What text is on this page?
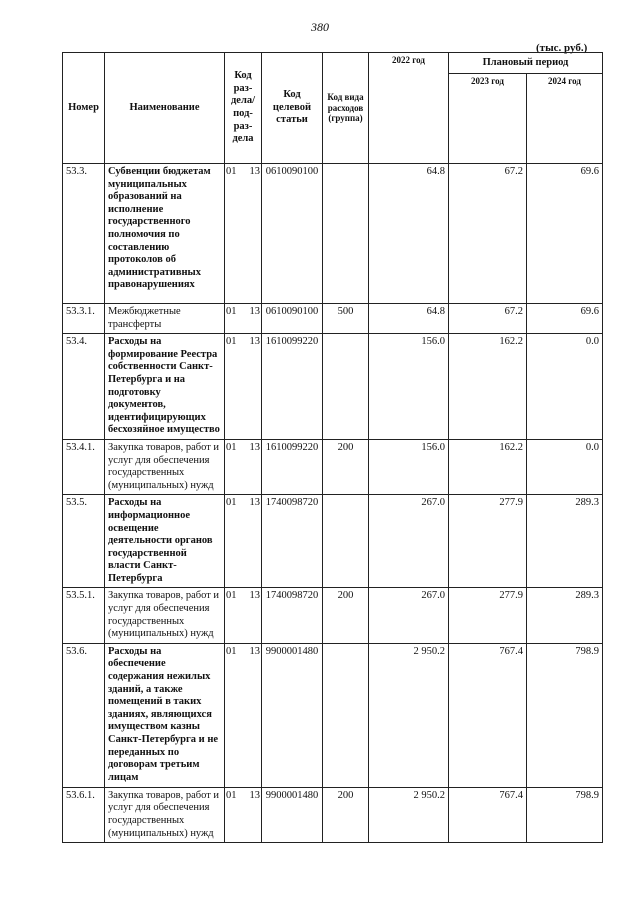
380
(тыс. руб.)
Номер	Наименование	Код раз-дела/ под-раз-дела	Код целевой статьи	Код вида расходов (группа)	2022 год	Плановый период	
						2023 год	2024 год
53.3.	Субвенции бюджетам муниципальных образований на исполнение государственного полномочия по составлению протоколов об административных правонарушениях	01 13	0610090100		64.8	67.2	69.6
53.3.1.	Межбюджетные трансферты	01 13	0610090100	500	64.8	67.2	69.6
53.4.	Расходы на формирование Реестра собственности Санкт-Петербурга и на подготовку документов, идентифицирующих бесхозяйное имущество	01 13	1610099220		156.0	162.2	0.0
53.4.1.	Закупка товаров, работ и услуг для обеспечения государственных (муниципальных) нужд	01 13	1610099220	200	156.0	162.2	0.0
53.5.	Расходы на информационное освещение деятельности органов государственной власти Санкт-Петербурга	01 13	1740098720		267.0	277.9	289.3
53.5.1.	Закупка товаров, работ и услуг для обеспечения государственных (муниципальных) нужд	01 13	1740098720	200	267.0	277.9	289.3
53.6.	Расходы на обеспечение содержания нежилых зданий, а также помещений в таких зданиях, являющихся имуществом казны Санкт-Петербурга и не переданных по договорам третьим лицам	01 13	9900001480		2 950.2	767.4	798.9
53.6.1.	Закупка товаров, работ и услуг для обеспечения государственных (муниципальных) нужд	01 13	9900001480	200	2 950.2	767.4	798.9
